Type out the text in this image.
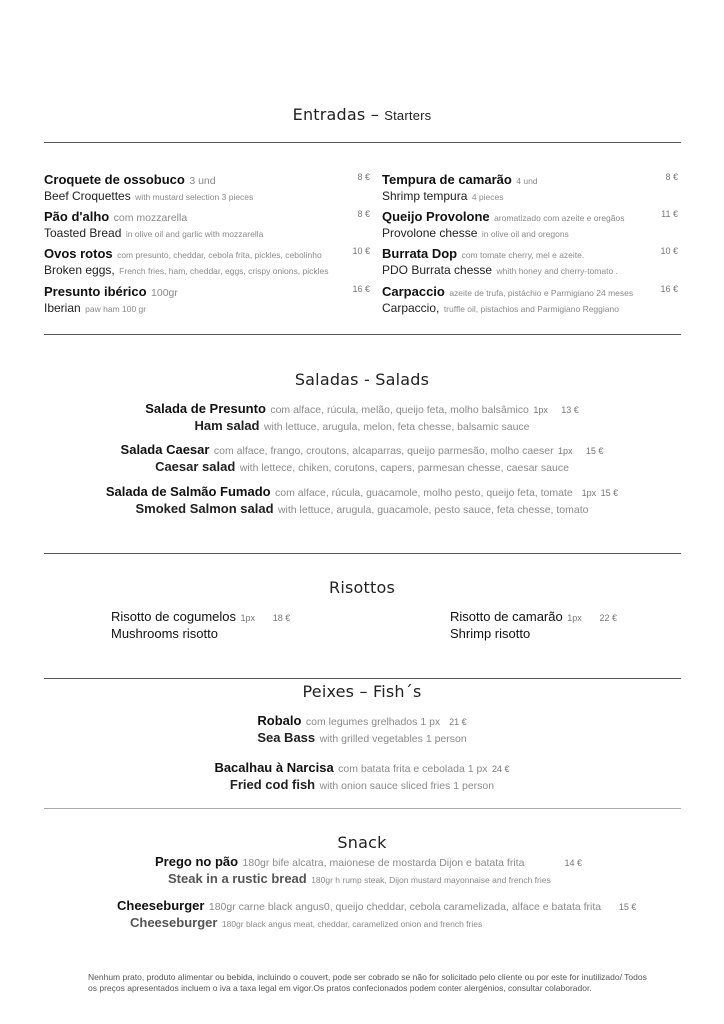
Entradas – Starters
Croquete de ossobuco 3 und
Beef Croquettes with mustard selection 3 pieces
8 €
Pão d'alho com mozzarella
Toasted Bread in olive oil and garlic with mozzarella
8 €
Ovos rotos com presunto, cheddar, cebola frita, pickles, cebolinho
Broken eggs, French fries, ham, cheddar, eggs, crispy onions, pickles
10 €
Presunto ibérico 100gr
Iberian paw ham 100 gr
16 €
Tempura de camarão 4 und
Shrimp tempura 4 pieces
8 €
Queijo Provolone aromatizado com azeite e oregãos
Provolone chesse in olive oil and oregons
11 €
Burrata Dop com tomate cherry, mel e azeite.
PDO Burrata chesse whith honey and cherry-tomato .
10 €
Carpaccio azeite de trufa, pistáchio e Parmigiano 24 meses
Carpaccio, truffle oil, pistachios and Parmigiano Reggiano
16 €
Saladas - Salads
Salada de Presunto com alface, rúcula, melão, queijo feta, molho balsâmico 1px 13 €
Ham salad with lettuce, arugula, melon, feta chesse, balsamic sauce
Salada Caesar com alface, frango, croutons, alcaparras, queijo parmesão, molho caeser 1px 15 €
Caesar salad with lettece, chiken, corutons, capers, parmesan chesse, caesar sauce
Salada de Salmão Fumado com alface, rúcula, guacamole, molho pesto, queijo feta, tomate 1px 15 €
Smoked Salmon salad with lettuce, arugula, guacamole, pesto sauce, feta chesse, tomato
Risottos
Risotto de cogumelos 1px 18 €
Mushrooms risotto
Risotto de camarão 1px 22 €
Shrimp risotto
Peixes – Fish´s
Robalo com legumes grelhados 1 px 21 €
Sea Bass with grilled vegetables 1 person
Bacalhau à Narcisa com batata frita e cebolada 1 px 24 €
Fried cod fish with onion sauce sliced fries 1 person
Snack
Prego no pão 180gr bife alcatra, maionese de mostarda Dijon e batata frita	14 €
Steak in a rustic bread 180gr h rump steak, Dijon mustard mayonnaise and french fries
Cheeseburger 180gr carne black angus0, queijo cheddar, cebola caramelizada, alface e batata frita 15 €
Cheeseburger 180gr black angus meat, cheddar, caramelized onion and french fries
Nenhum prato, produto alimentar ou bebida, incluindo o couvert, pode ser cobrado se não for solicitado pelo cliente ou por este for inutilizado/ Todos os preços apresentados incluem o iva a taxa legal em vigor.Os pratos confecionados podem conter alergénios, consultar colaborador.
